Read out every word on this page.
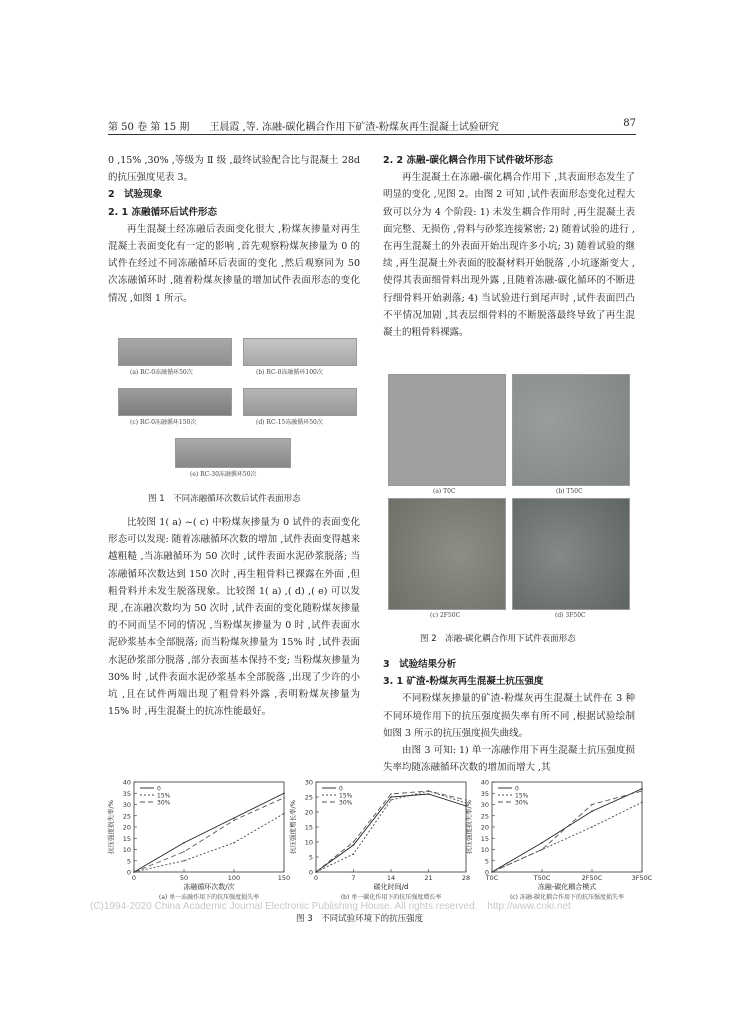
第 50 卷 第 15 期　　王晨霞 ,等. 冻融-碳化耦合作用下矿渣-粉煤灰再生混凝土试验研究	87

0 ,15% ,30% ,等级为 Ⅱ 级 ,最终试验配合比与混凝土 28d 的抗压强度见表 3。

2　试验现象

2. 1 冻融循环后试件形态

再生混凝土经冻融后表面变化很大 ,粉煤灰掺量对再生混凝土表面变化有一定的影响 ,首先观察粉煤灰掺量为 0 的试件在经过不同冻融循环后表面的变化 ,然后观察同为 50 次冻融循环时 ,随着粉煤灰掺量的增加试件表面形态的变化情况 ,如图 1 所示。

(a) RC-0冻融循环50次	(b) RC-0冻融循环100次
(c) RC-0冻融循环150次	(d) RC-15冻融循环50次
(e) RC-30冻融循环50次
图 1　不同冻融循环次数后试件表面形态

比较图 1( a) ~( c) 中粉煤灰掺量为 0 试件的表面变化形态可以发现: 随着冻融循环次数的增加 ,试件表面变得越来越粗糙 ,当冻融循环为 50 次时 ,试件表面水泥砂浆脱落; 当冻融循环次数达到 150 次时 ,再生粗骨料已裸露在外面 ,但粗骨料并未发生脱落现象。比较图 1( a) ,( d) ,( e) 可以发现 ,在冻融次数均为 50 次时 ,试件表面的变化随粉煤灰掺量的不同而呈不同的情况 ,当粉煤灰掺量为 0 时 ,试件表面水泥砂浆基本全部脱落; 而当粉煤灰掺量为 15% 时 ,试件表面水泥砂浆部分脱落 ,部分表面基本保持不变; 当粉煤灰掺量为 30% 时 ,试件表面水泥砂浆基本全部脱落 ,出现了少许的小坑 ,且在试件两端出现了粗骨料外露 ,表明粉煤灰掺量为 15% 时 ,再生混凝土的抗冻性能最好。

2. 2 冻融-碳化耦合作用下试件破坏形态

再生混凝土在冻融-碳化耦合作用下 ,其表面形态发生了明显的变化 ,见图 2。由图 2 可知 ,试件表面形态变化过程大致可以分为 4 个阶段: 1) 未发生耦合作用时 ,再生混凝土表面完整、无损伤 ,骨料与砂浆连接紧密; 2) 随着试验的进行 ,在再生混凝土的外表面开始出现许多小坑; 3) 随着试验的继续 ,再生混凝土外表面的胶凝材料开始脱落 ,小坑逐渐变大 ,使得其表面细骨料出现外露 ,且随着冻融-碳化循环的不断进行细骨料开始剥落; 4) 当试验进行到尾声时 ,试件表面凹凸不平情况加剧 ,其表层细骨料的不断脱落最终导致了再生混凝土的粗骨料裸露。

(a) T0C	(b) T50C
(c) 2F50C	(d) 3F50C
图 2　冻融-碳化耦合作用下试件表面形态

3　试验结果分析

3. 1 矿渣-粉煤灰再生混凝土抗压强度

不同粉煤灰掺量的矿渣-粉煤灰再生混凝土试件在 3 种不同环境作用下的抗压强度损失率有所不同 ,根据试验绘制如图 3 所示的抗压强度损失曲线。

由图 3 可知: 1) 单一冻融作用下再生混凝土抗压强度损失率均随冻融循环次数的增加而增大 ,其

0
5
10
15
20
25
30
35
40
0	50	100	150
冻融循环次数/次
抗压强度损失率/%
(a) 单一冻融作用下的抗压强度损失率
0
15%
30%
0
5
10
15
20
25
30
0	7	14	21	28
碳化时间/d
抗压强度增长率/%
(b) 单一碳化作用下的抗压强度增长率
0
15%
30%
0
5
10
15
20
25
30
35
40
T0C	T50C	2F50C	3F50C
冻融-碳化耦合模式
抗压强度损失率/%
(c) 冻融-碳化耦合作用下的抗压强度损失率
0
15%
30%
(C)1994-2020 China Academic Journal Electronic Publishing House. All rights reserved.　http://www.cnki.net
图 3　不同试验环境下的抗压强度
